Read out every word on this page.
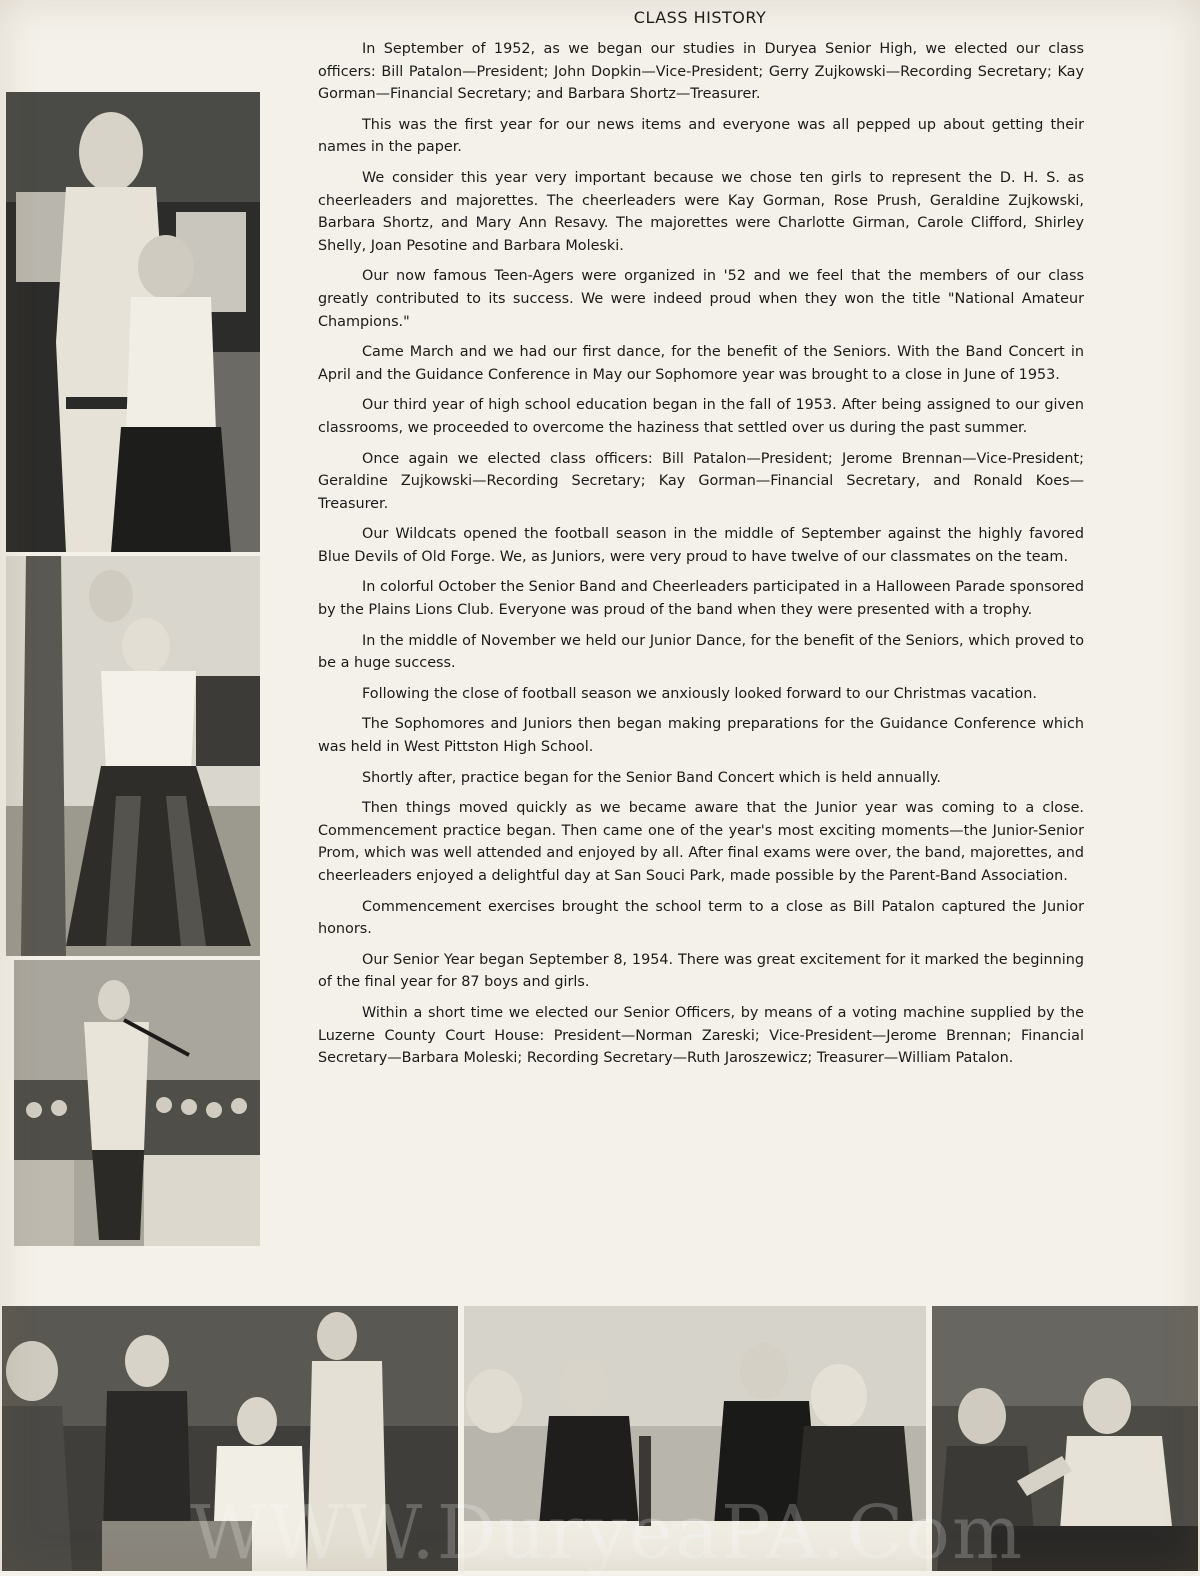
CLASS HISTORY

In September of 1952, as we began our studies in Duryea Senior High, we elected our class officers: Bill Patalon—President; John Dopkin—Vice-President; Gerry Zujkowski—Recording Secretary; Kay Gorman—Financial Secretary; and Barbara Shortz—Treasurer.

This was the first year for our news items and everyone was all pepped up about getting their names in the paper.

We consider this year very important because we chose ten girls to represent the D. H. S. as cheerleaders and majorettes. The cheerleaders were Kay Gorman, Rose Prush, Geraldine Zujkowski, Barbara Shortz, and Mary Ann Resavy. The majorettes were Charlotte Girman, Carole Clifford, Shirley Shelly, Joan Pesotine and Barbara Moleski.

Our now famous Teen-Agers were organized in '52 and we feel that the members of our class greatly contributed to its success. We were indeed proud when they won the title "National Amateur Champions."

Came March and we had our first dance, for the benefit of the Seniors. With the Band Concert in April and the Guidance Conference in May our Sophomore year was brought to a close in June of 1953.

Our third year of high school education began in the fall of 1953. After being assigned to our given classrooms, we proceeded to overcome the haziness that settled over us during the past summer.

Once again we elected class officers: Bill Patalon—President; Jerome Brennan—Vice-President; Geraldine Zujkowski—Recording Secretary; Kay Gorman—Financial Secretary, and Ronald Koes—Treasurer.

Our Wildcats opened the football season in the middle of September against the highly favored Blue Devils of Old Forge. We, as Juniors, were very proud to have twelve of our classmates on the team.

In colorful October the Senior Band and Cheerleaders participated in a Halloween Parade sponsored by the Plains Lions Club. Everyone was proud of the band when they were presented with a trophy.

In the middle of November we held our Junior Dance, for the benefit of the Seniors, which proved to be a huge success.

Following the close of football season we anxiously looked forward to our Christmas vacation.

The Sophomores and Juniors then began making preparations for the Guidance Conference which was held in West Pittston High School.

Shortly after, practice began for the Senior Band Concert which is held annually.

Then things moved quickly as we became aware that the Junior year was coming to a close. Commencement practice began. Then came one of the year's most exciting moments—the Junior-Senior Prom, which was well attended and enjoyed by all. After final exams were over, the band, majorettes, and cheerleaders enjoyed a delightful day at San Souci Park, made possible by the Parent-Band Association.

Commencement exercises brought the school term to a close as Bill Patalon captured the Junior honors.

Our Senior Year began September 8, 1954. There was great excitement for it marked the beginning of the final year for 87 boys and girls.

Within a short time we elected our Senior Officers, by means of a voting machine supplied by the Luzerne County Court House: President—Norman Zareski; Vice-President—Jerome Brennan; Financial Secretary—Barbara Moleski; Recording Secretary—Ruth Jaroszewicz; Treasurer—William Patalon.

WWW.DuryeaPA.Com
